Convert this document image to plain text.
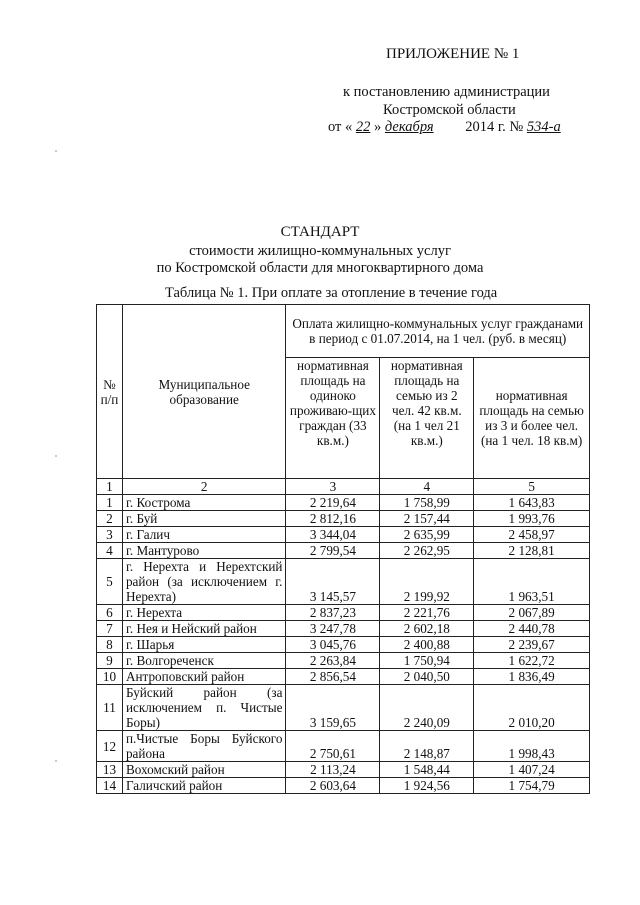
ПРИЛОЖЕНИЕ № 1
к постановлению администрации
Костромской области
от « 22 » декабря 2014 г. № 534-а
СТАНДАРТ
стоимости жилищно-коммунальных услуг
по Костромской области для многоквартирного дома
Таблица № 1. При оплате за отопление в течение года
№ п/п	Муниципальное образование	Оплата жилищно-коммунальных услуг гражданами в период с 01.07.2014, на 1 чел. (руб. в месяц)		
		нормативная площадь на одиноко проживаю-щих граждан (33 кв.м.)	нормативная площадь на семью из 2 чел. 42 кв.м. (на 1 чел 21 кв.м.)	нормативная площадь на семью из 3 и более чел. (на 1 чел. 18 кв.м)
1	2	3	4	5
1	г. Кострома	2 219,64	1 758,99	1 643,83
2	г. Буй	2 812,16	2 157,44	1 993,76
3	г. Галич	3 344,04	2 635,99	2 458,97
4	г. Мантурово	2 799,54	2 262,95	2 128,81
5	г. Нерехта и Нерехтский район (за исключением г. Нерехта)	3 145,57	2 199,92	1 963,51
6	г. Нерехта	2 837,23	2 221,76	2 067,89
7	г. Нея и Нейский район	3 247,78	2 602,18	2 440,78
8	г. Шарья	3 045,76	2 400,88	2 239,67
9	г. Волгореченск	2 263,84	1 750,94	1 622,72
10	Антроповский район	2 856,54	2 040,50	1 836,49
11	Буйский район (за исключением п. Чистые Боры)	3 159,65	2 240,09	2 010,20
12	п.Чистые Боры Буйского района	2 750,61	2 148,87	1 998,43
13	Вохомский район	2 113,24	1 548,44	1 407,24
14	Галичский район	2 603,64	1 924,56	1 754,79
